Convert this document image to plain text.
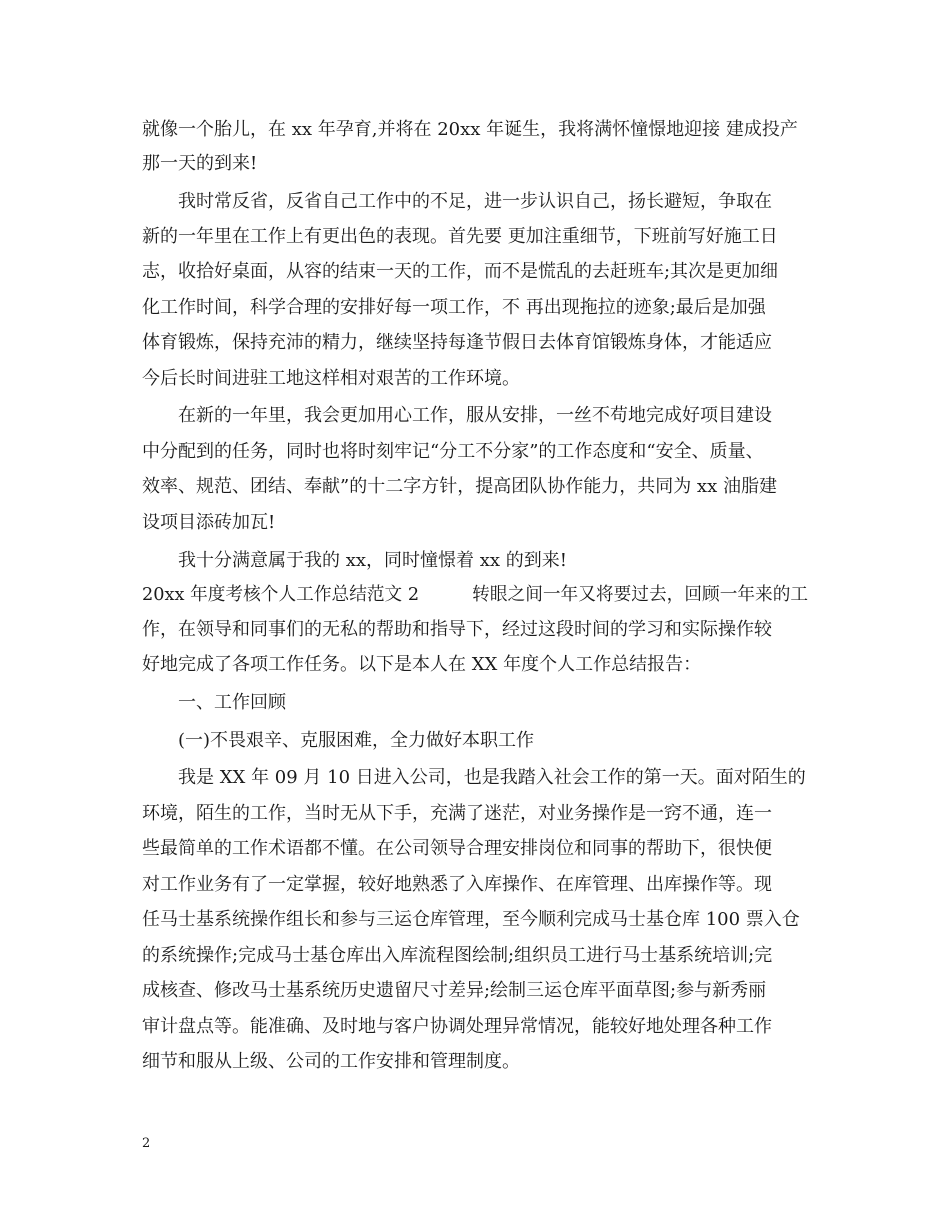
就像一个胎儿，在 xx 年孕育,并将在 20xx 年诞生，我将满怀憧憬地迎接 建成投产
那一天的到来!
我时常反省，反省自己工作中的不足，进一步认识自己，扬长避短，争取在
新的一年里在工作上有更出色的表现。首先要 更加注重细节，下班前写好施工日
志，收拾好桌面，从容的结束一天的工作，而不是慌乱的去赶班车;其次是更加细
化工作时间，科学合理的安排好每一项工作，不 再出现拖拉的迹象;最后是加强
体育锻炼，保持充沛的精力，继续坚持每逢节假日去体育馆锻炼身体，才能适应
今后长时间进驻工地这样相对艰苦的工作环境。
在新的一年里，我会更加用心工作，服从安排，一丝不苟地完成好项目建设
中分配到的任务，同时也将时刻牢记“分工不分家”的工作态度和“安全、质量、
效率、规范、团结、奉献”的十二字方针，提高团队协作能力，共同为 xx 油脂建
设项目添砖加瓦!
我十分满意属于我的 xx，同时憧憬着 xx 的到来!
20xx 年度考核个人工作总结范文 2　　　转眼之间一年又将要过去，回顾一年来的工
作，在领导和同事们的无私的帮助和指导下，经过这段时间的学习和实际操作较
好地完成了各项工作任务。以下是本人在 XX 年度个人工作总结报告：
一、工作回顾
(一)不畏艰辛、克服困难，全力做好本职工作
我是 XX 年 09 月 10 日进入公司，也是我踏入社会工作的第一天。面对陌生的
环境，陌生的工作，当时无从下手，充满了迷茫，对业务操作是一窍不通，连一
些最简单的工作术语都不懂。在公司领导合理安排岗位和同事的帮助下，很快便
对工作业务有了一定掌握，较好地熟悉了入库操作、在库管理、出库操作等。现
任马士基系统操作组长和参与三运仓库管理，至今顺利完成马士基仓库 100 票入仓
的系统操作;完成马士基仓库出入库流程图绘制;组织员工进行马士基系统培训;完
成核查、修改马士基系统历史遗留尺寸差异;绘制三运仓库平面草图;参与新秀丽
审计盘点等。能准确、及时地与客户协调处理异常情况，能较好地处理各种工作
细节和服从上级、公司的工作安排和管理制度。
2
